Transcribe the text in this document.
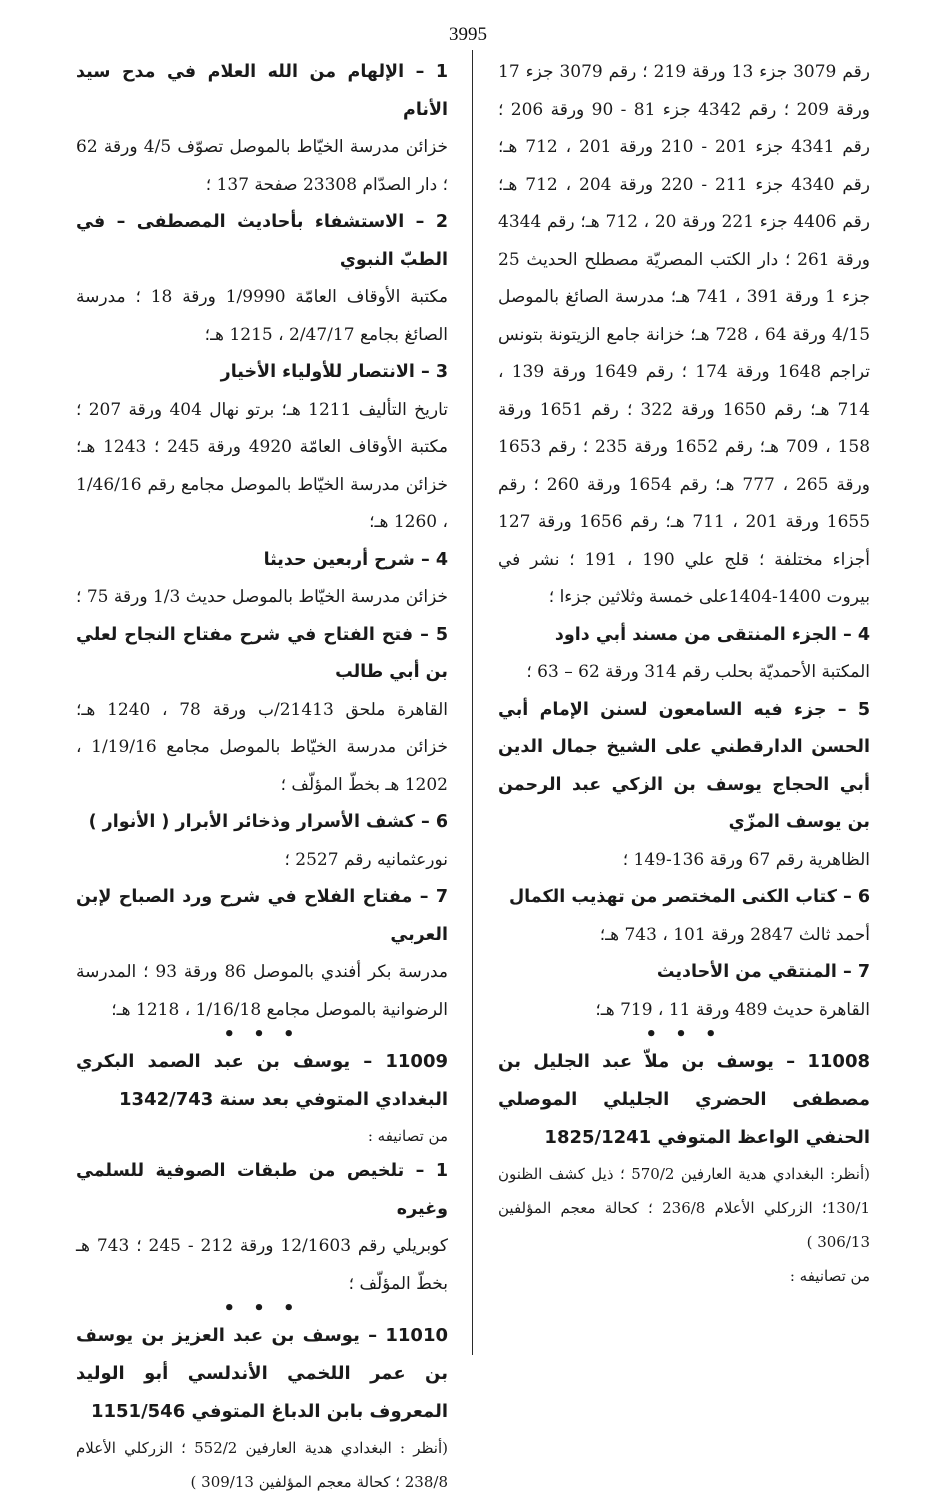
3995

رقم 3079 جزء 13 ورقة 219 ؛ رقم 3079 جزء 17 ورقة 209 ؛ رقم 4342 جزء 81 - 90 ورقة 206 ؛ رقم 4341 جزء 201 - 210 ورقة 201 ، 712 هـ؛ رقم 4340 جزء 211 - 220 ورقة 204 ، 712 هـ؛ رقم 4406 جزء 221 ورقة 20 ، 712 هـ؛ رقم 4344 ورقة 261 ؛ دار الكتب المصريّة مصطلح الحديث 25 جزء 1 ورقة 391 ، 741 هـ؛ مدرسة الصائغ بالموصل 4/15 ورقة 64 ، 728 هـ؛ خزانة جامع الزيتونة بتونس تراجم 1648 ورقة 174 ؛ رقم 1649 ورقة 139 ، 714 هـ؛ رقم 1650 ورقة 322 ؛ رقم 1651 ورقة 158 ، 709 هـ؛ رقم 1652 ورقة 235 ؛ رقم 1653 ورقة 265 ، 777 هـ؛ رقم 1654 ورقة 260 ؛ رقم 1655 ورقة 201 ، 711 هـ؛ رقم 1656 ورقة 127 أجزاء مختلفة ؛ قلج علي 190 ، 191 ؛ نشر في بيروت 1400-1404على خمسة وثلاثين جزءا ؛

4 – الجزء المنتقى من مسند أبي داود

المكتبة الأحمديّة بحلب رقم 314 ورقة 62 – 63 ؛

5 – جزء فيه السامعون لسنن الإمام أبي الحسن الدارقطني على الشيخ جمال الدين أبي الحجاج يوسف بن الزكي عبد الرحمن بن يوسف المزّي

الظاهرية رقم 67 ورقة 136-149 ؛

6 – كتاب الكنى المختصر من تهذيب الكمال

أحمد ثالث 2847 ورقة 101 ، 743 هـ؛

7 – المنتقي من الأحاديث

القاهرة حديث 489 ورقة 11 ، 719 هـ؛

• • •

11008 – يوسف بن ملاّ عبد الجليل بن مصطفى الحضري الجليلي الموصلي الحنفي الواعظ المتوفي 1825/1241

(أنظر: البغدادي هدية العارفين 570/2 ؛ ذيل كشف الظنون 130/1؛ الزركلي الأعلام 236/8 ؛ كحالة معجم المؤلفين 306/13 )

من تصانيفه :

1 – الإلهام من الله العلام في مدح سيد الأنام

خزائن مدرسة الخيّاط بالموصل تصوّف 4/5 ورقة 62 ؛ دار الصدّام 23308 صفحة 137 ؛

2 – الاستشفاء بأحاديث المصطفى – في الطبّ النبوي

مكتبة الأوقاف العامّة 1/9990 ورقة 18 ؛ مدرسة الصائغ بجامع 2/47/17 ، 1215 هـ؛

3 – الانتصار للأولياء الأخيار

تاريخ التأليف 1211 هـ؛ برتو نهال 404 ورقة 207 ؛ مكتبة الأوقاف العامّة 4920 ورقة 245 ؛ 1243 هـ؛ خزائن مدرسة الخيّاط بالموصل مجامع رقم 1/46/16 ، 1260 هـ؛

4 – شرح أربعين حديثا

خزائن مدرسة الخيّاط بالموصل حديث 1/3 ورقة 75 ؛

5 – فتح الفتاح في شرح مفتاح النجاح لعلي بن أبي طالب

القاهرة ملحق 21413/ب ورقة 78 ، 1240 هـ؛ خزائن مدرسة الخيّاط بالموصل مجامع 1/19/16 ، 1202 هـ بخطّ المؤلّف ؛

6 – كشف الأسرار وذخائر الأبرار ( الأنوار )

نورعثمانيه رقم 2527 ؛

7 – مفتاح الفلاح في شرح ورد الصباح لإبن العربي

مدرسة بكر أفندي بالموصل 86 ورقة 93 ؛ المدرسة الرضوانية بالموصل مجامع 1/16/18 ، 1218 هـ؛

• • •

11009 – يوسف بن عبد الصمد البكري البغدادي المتوفي بعد سنة 1342/743

من تصانيفه :

1 – تلخيص من طبقات الصوفية للسلمي وغيره

كوبريلي رقم 12/1603 ورقة 212 - 245 ؛ 743 هـ بخطّ المؤلّف ؛

• • •

11010 – يوسف بن عبد العزيز بن يوسف بن عمر اللخمي الأندلسي أبو الوليد المعروف بابن الدباغ المتوفي 1151/546

(أنظر : البغدادي هدية العارفين 552/2 ؛ الزركلي الأعلام 238/8 ؛ كحالة معجم المؤلفين 309/13 )
